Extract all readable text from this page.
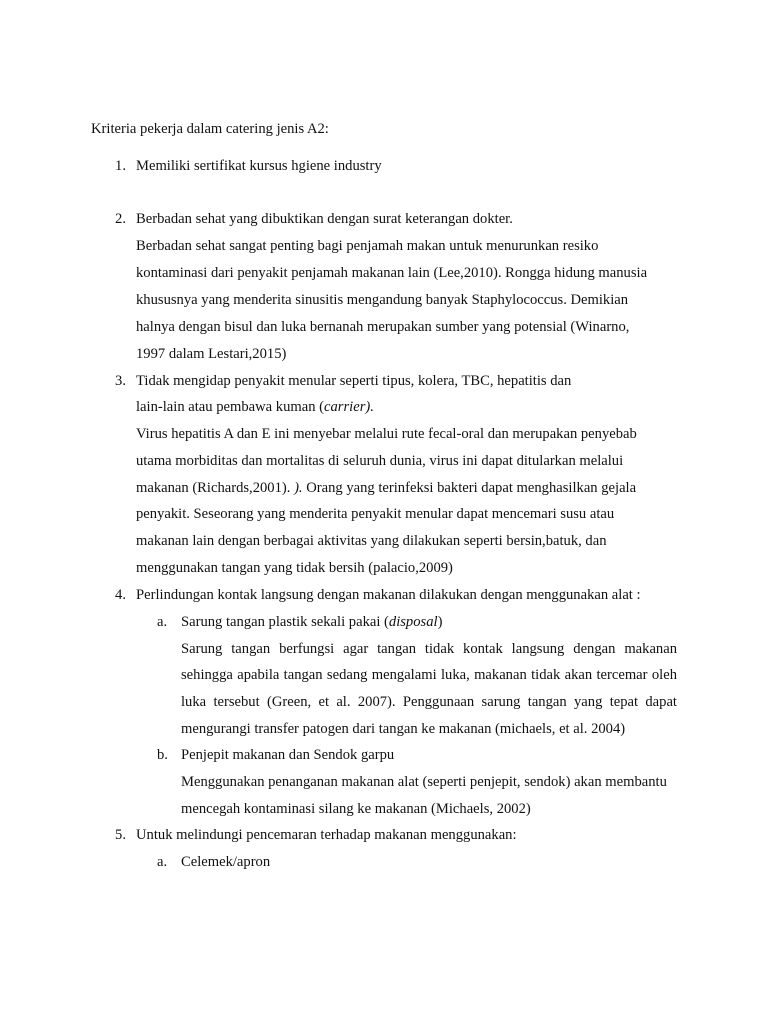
Kriteria pekerja dalam catering jenis A2:
1. Memiliki sertifikat kursus hgiene industry
2. Berbadan sehat yang dibuktikan dengan surat keterangan dokter.
Berbadan sehat sangat penting bagi penjamah makan untuk menurunkan resiko
kontaminasi dari penyakit penjamah makanan lain (Lee,2010). Rongga hidung manusia
khususnya yang menderita sinusitis mengandung banyak Staphylococcus. Demikian
halnya dengan bisul dan luka bernanah merupakan sumber yang potensial (Winarno,
1997 dalam Lestari,2015)
3. Tidak mengidap penyakit menular seperti tipus, kolera, TBC, hepatitis dan
lain-lain atau pembawa kuman (carrier).
Virus hepatitis A dan E ini menyebar melalui rute fecal-oral dan merupakan penyebab
utama morbiditas dan mortalitas di seluruh dunia, virus ini dapat ditularkan melalui
makanan (Richards,2001). ). Orang yang terinfeksi bakteri dapat menghasilkan gejala
penyakit. Seseorang yang menderita penyakit menular dapat mencemari susu atau
makanan lain dengan berbagai aktivitas yang dilakukan seperti bersin,batuk, dan
menggunakan tangan yang tidak bersih (palacio,2009)
4. Perlindungan kontak langsung dengan makanan dilakukan dengan menggunakan alat :
a. Sarung tangan plastik sekali pakai (disposal)
Sarung tangan berfungsi agar tangan tidak kontak langsung dengan makanan
sehingga apabila tangan sedang mengalami luka, makanan tidak akan tercemar oleh
luka tersebut (Green, et al. 2007). Penggunaan sarung tangan yang tepat dapat
mengurangi transfer patogen dari tangan ke makanan (michaels, et al. 2004)
b. Penjepit makanan dan Sendok garpu
Menggunakan penanganan makanan alat (seperti penjepit, sendok) akan membantu
mencegah kontaminasi silang ke makanan (Michaels, 2002)
5. Untuk melindungi pencemaran terhadap makanan menggunakan:
a. Celemek/apron
